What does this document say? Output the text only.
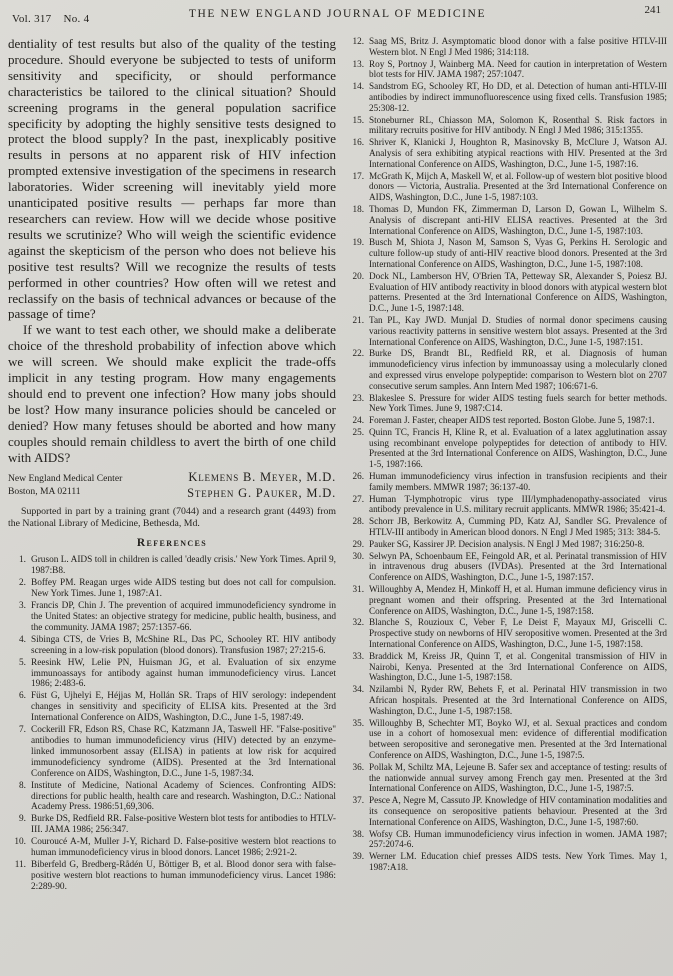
Vol. 317 No. 4	THE NEW ENGLAND JOURNAL OF MEDICINE	241

dentiality of test results but also of the quality of the testing procedure. Should everyone be subjected to tests of uniform sensitivity and specificity, or should performance characteristics be tailored to the clinical situation? Should screening programs in the general population sacrifice specificity by adopting the highly sensitive tests designed to protect the blood supply? In the past, inexplicably positive results in persons at no apparent risk of HIV infection prompted extensive investigation of the specimens in research laboratories. Wider screening will inevitably yield more unanticipated positive results — perhaps far more than researchers can review. How will we decide whose positive results we scrutinize? Who will weigh the scientific evidence against the skepticism of the person who does not believe his positive test results? Will we recognize the results of tests performed in other countries? How often will we retest and reclassify on the basis of technical advances or because of the passage of time?

If we want to test each other, we should make a deliberate choice of the threshold probability of infection above which we will screen. We should make explicit the trade-offs implicit in any testing program. How many engagements should end to prevent one infection? How many jobs should be lost? How many insurance policies should be canceled or denied? How many fetuses should be aborted and how many couples should remain childless to avert the birth of one child with AIDS?

New England Medical Center
Boston, MA 02111
Klemens B. Meyer, M.D.
Stephen G. Pauker, M.D.

Supported in part by a training grant (7044) and a research grant (4493) from the National Library of Medicine, Bethesda, Md.

References
1. Gruson L. AIDS toll in children is called 'deadly crisis.' New York Times. April 9, 1987:B8.
2. Boffey PM. Reagan urges wide AIDS testing but does not call for compulsion. New York Times. June 1, 1987:A1.
3. Francis DP, Chin J. The prevention of acquired immunodeficiency syndrome in the United States: an objective strategy for medicine, public health, business, and the community. JAMA 1987; 257:1357-66.
4. Sibinga CTS, de Vries B, McShine RL, Das PC, Schooley RT. HIV antibody screening in a low-risk population (blood donors). Transfusion 1987; 27:215-6.
5. Reesink HW, Lelie PN, Huisman JG, et al. Evaluation of six enzyme immunoassays for antibody against human immunodeficiency virus. Lancet 1986; 2:483-6.
6. Füst G, Ujhelyi E, Héjjas M, Hollán SR. Traps of HIV serology: independent changes in sensitivity and specificity of ELISA kits. Presented at the 3rd International Conference on AIDS, Washington, D.C., June 1-5, 1987:49.
7. Cockerill FR, Edson RS, Chase RC, Katzmann JA, Taswell HF. "False-positive" antibodies to human immunodeficiency virus (HIV) detected by an enzyme-linked immunosorbent assay (ELISA) in patients at low risk for acquired immunodeficiency syndrome (AIDS). Presented at the 3rd International Conference on AIDS, Washington, D.C., June 1-5, 1987:34.
8. Institute of Medicine, National Academy of Sciences. Confronting AIDS: directions for public health, health care and research. Washington, D.C.: National Academy Press. 1986:51,69,306.
9. Burke DS, Redfield RR. False-positive Western blot tests for antibodies to HTLV-III. JAMA 1986; 256:347.
10. Couroucé A-M, Muller J-Y, Richard D. False-positive western blot reactions to human immunodeficiency virus in blood donors. Lancet 1986; 2:921-2.
11. Biberfeld G, Bredberg-Rådén U, Böttiger B, et al. Blood donor sera with false-positive western blot reactions to human immunodeficiency virus. Lancet 1986: 2:289-90.
12. Saag MS, Britz J. Asymptomatic blood donor with a false positive HTLV-III Western blot. N Engl J Med 1986; 314:118.
13. Roy S, Portnoy J, Wainberg MA. Need for caution in interpretation of Western blot tests for HIV. JAMA 1987; 257:1047.
14. Sandstrom EG, Schooley RT, Ho DD, et al. Detection of human anti-HTLV-III antibodies by indirect immunofluorescence using fixed cells. Transfusion 1985; 25:308-12.
15. Stoneburner RL, Chiasson MA, Solomon K, Rosenthal S. Risk factors in military recruits positive for HIV antibody. N Engl J Med 1986; 315:1355.
16. Shriver K, Klanicki J, Houghton R, Masinovsky B, McClure J, Watson AJ. Analysis of sera exhibiting atypical reactions with HIV. Presented at the 3rd International Conference on AIDS, Washington, D.C., June 1-5, 1987:16.
17. McGrath K, Mijch A, Maskell W, et al. Follow-up of western blot positive blood donors — Victoria, Australia. Presented at the 3rd International Conference on AIDS, Washington, D.C., June 1-5, 1987:103.
18. Thomas D, Mundon FK, Zimmerman D, Larson D, Gowan L, Wilhelm S. Analysis of discrepant anti-HIV ELISA reactives. Presented at the 3rd International Conference on AIDS, Washington, D.C., June 1-5, 1987:103.
19. Busch M, Shiota J, Nason M, Samson S, Vyas G, Perkins H. Serologic and culture follow-up study of anti-HIV reactive blood donors. Presented at the 3rd International Conference on AIDS, Washington, D.C., June 1-5, 1987:108.
20. Dock NL, Lamberson HV, O'Brien TA, Petteway SR, Alexander S, Poiesz BJ. Evaluation of HIV antibody reactivity in blood donors with atypical western blot patterns. Presented at the 3rd International Conference on AIDS, Washington, D.C., June 1-5, 1987:148.
21. Tan PL, Kay JWD. Munjal D. Studies of normal donor specimens causing various reactivity patterns in sensitive western blot assays. Presented at the 3rd International Conference on AIDS, Washington, D.C., June 1-5, 1987:151.
22. Burke DS, Brandt BL, Redfield RR, et al. Diagnosis of human immunodeficiency virus infection by immunoassay using a molecularly cloned and expressed virus envelope polypeptide: comparison to Western blot on 2707 consecutive serum samples. Ann Intern Med 1987; 106:671-6.
23. Blakeslee S. Pressure for wider AIDS testing fuels search for better methods. New York Times. June 9, 1987:C14.
24. Foreman J. Faster, cheaper AIDS test reported. Boston Globe. June 5, 1987:1.
25. Quinn TC, Francis H, Kline R, et al. Evaluation of a latex agglutination assay using recombinant envelope polypeptides for detection of antibody to HIV. Presented at the 3rd International Conference on AIDS, Washington, D.C., June 1-5, 1987:166.
26. Human immunodeficiency virus infection in transfusion recipients and their family members. MMWR 1987; 36:137-40.
27. Human T-lymphotropic virus type III/lymphadenopathy-associated virus antibody prevalence in U.S. military recruit applicants. MMWR 1986; 35:421-4.
28. Schorr JB, Berkowitz A, Cumming PD, Katz AJ, Sandler SG. Prevalence of HTLV-III antibody in American blood donors. N Engl J Med 1985; 313: 384-5.
29. Pauker SG, Kassirer JP. Decision analysis. N Engl J Med 1987; 316:250-8.
30. Selwyn PA, Schoenbaum EE, Feingold AR, et al. Perinatal transmission of HIV in intravenous drug abusers (IVDAs). Presented at the 3rd International Conference on AIDS, Washington, D.C., June 1-5, 1987:157.
31. Willoughby A, Mendez H, Minkoff H, et al. Human immune deficiency virus in pregnant women and their offspring. Presented at the 3rd International Conference on AIDS, Washington, D.C., June 1-5, 1987:158.
32. Blanche S, Rouzioux C, Veber F, Le Deist F, Mayaux MJ, Griscelli C. Prospective study on newborns of HIV seropositive women. Presented at the 3rd International Conference on AIDS, Washington, D.C., June 1-5, 1987:158.
33. Braddick M, Kreiss JR, Quinn T, et al. Congenital transmission of HIV in Nairobi, Kenya. Presented at the 3rd International Conference on AIDS, Washington, D.C., June 1-5, 1987:158.
34. Nzilambi N, Ryder RW, Behets F, et al. Perinatal HIV transmission in two African hospitals. Presented at the 3rd International Conference on AIDS, Washington, D.C., June 1-5, 1987:158.
35. Willoughby B, Schechter MT, Boyko WJ, et al. Sexual practices and condom use in a cohort of homosexual men: evidence of differential modification between seropositive and seronegative men. Presented at the 3rd International Conference on AIDS, Washington, D.C., June 1-5, 1987:5.
36. Pollak M, Schiltz MA, Lejeune B. Safer sex and acceptance of testing: results of the nationwide annual survey among French gay men. Presented at the 3rd International Conference on AIDS, Washington, D.C., June 1-5, 1987:5.
37. Pesce A, Negre M, Cassuto JP. Knowledge of HIV contamination modalities and its consequence on seropositive patients behaviour. Presented at the 3rd International Conference on AIDS, Washington, D.C., June 1-5, 1987:60.
38. Wofsy CB. Human immunodeficiency virus infection in women. JAMA 1987; 257:2074-6.
39. Werner LM. Education chief presses AIDS tests. New York Times. May 1, 1987:A18.
